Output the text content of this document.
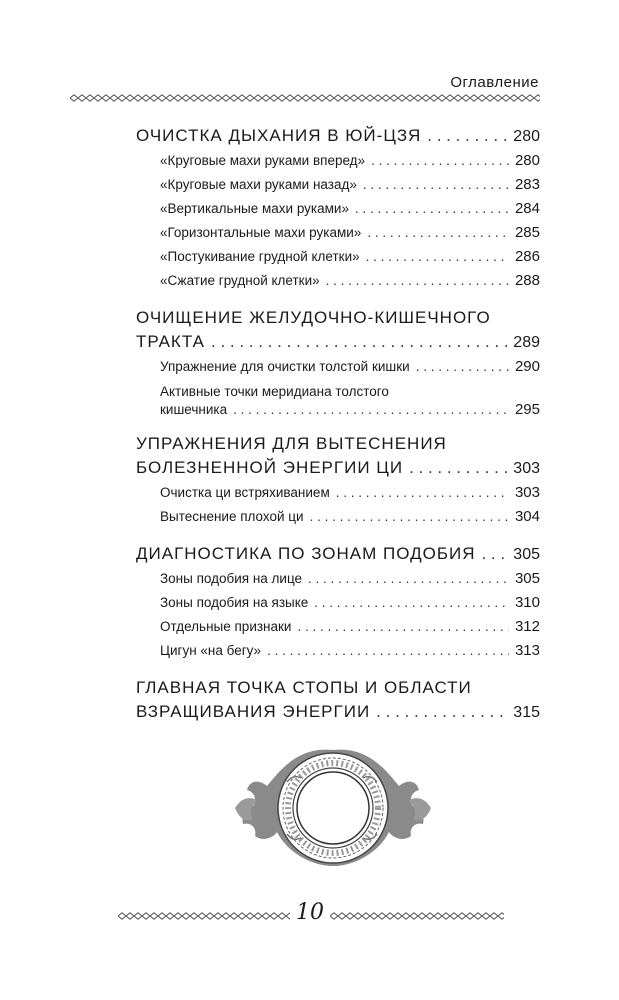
Оглавление
ОЧИСТКА ДЫХАНИЯ В ЮЙ-ЦЗЯ . . .	280
«Круговые махи руками вперед» . . .	280
«Круговые махи руками назад» . . .	283
«Вертикальные махи руками» . . .	284
«Горизонтальные махи руками» . . .	285
«Постукивание грудной клетки» . . .	286
«Сжатие грудной клетки» . . .	288
ОЧИЩЕНИЕ ЖЕЛУДОЧНО-КИШЕЧНОГО
ТРАКТА . . .	289
Упражнение для очистки толстой кишки . . .	290
Активные точки меридиана толстого
кишечника . . .	295
УПРАЖНЕНИЯ ДЛЯ ВЫТЕСНЕНИЯ
БОЛЕЗНЕННОЙ ЭНЕРГИИ ЦИ . . .	303
Очистка ци встряхиванием . . .	303
Вытеснение плохой ци . . .	304
ДИАГНОСТИКА ПО ЗОНАМ ПОДОБИЯ . . . 305
Зоны подобия на лице . . .	305
Зоны подобия на языке . . .	310
Отдельные признаки . . .	312
Цигун «на бегу» . . .	313
ГЛАВНАЯ ТОЧКА СТОПЫ И ОБЛАСТИ
ВЗРАЩИВАНИЯ ЭНЕРГИИ . . .	315
10
